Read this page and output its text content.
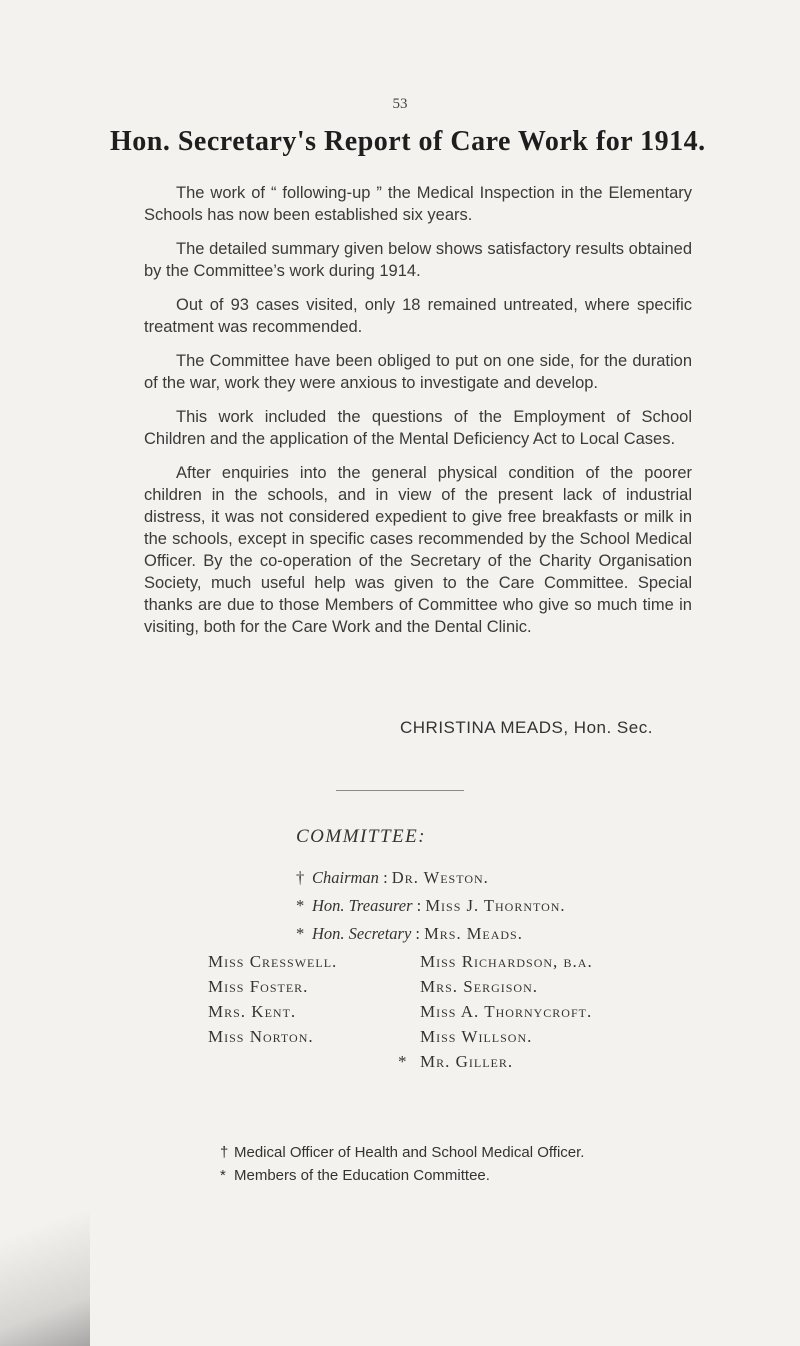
53
Hon. Secretary's Report of Care Work for 1914.

The work of “ following-up ” the Medical Inspection in the Elementary Schools has now been established six years.

The detailed summary given below shows satisfactory results obtained by the Committee’s work during 1914.

Out of 93 cases visited, only 18 remained untreated, where specific treatment was recommended.

The Committee have been obliged to put on one side, for the duration of the war, work they were anxious to investigate and develop.

This work included the questions of the Employment of School Children and the application of the Mental Deficiency Act to Local Cases.

After enquiries into the general physical condition of the poorer children in the schools, and in view of the present lack of industrial distress, it was not considered expedient to give free breakfasts or milk in the schools, except in specific cases recommended by the School Medical Officer. By the co-operation of the Secretary of the Charity Organisation Society, much useful help was given to the Care Committee. Special thanks are due to those Members of Committee who give so much time in visiting, both for the Care Work and the Dental Clinic.

CHRISTINA MEADS, Hon. Sec.
COMMITTEE:
† Chairman : Dr. Weston.
* Hon. Treasurer : Miss J. Thornton.
* Hon. Secretary : Mrs. Meads.
Miss Cresswell.
Miss Foster.
Mrs. Kent.
Miss Norton.
Miss Richardson, b.a.
Mrs. Sergison.
Miss A. Thornycroft.
Miss Willson.
* Mr. Giller.
† Medical Officer of Health and School Medical Officer.
* Members of the Education Committee.
